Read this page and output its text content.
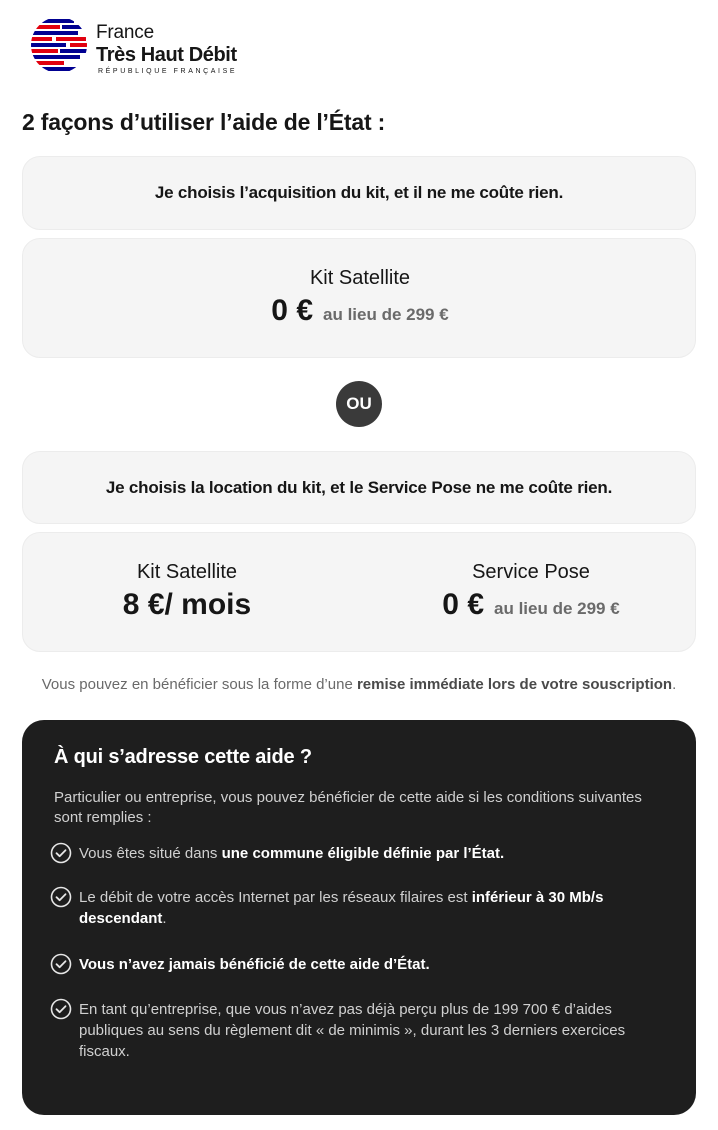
France
Très Haut Débit
RÉPUBLIQUE FRANÇAISE
2 façons d’utiliser l’aide de l’État :
Je choisis l’acquisition du kit, et il ne me coûte rien.
Kit Satellite
0 € au lieu de 299 €
OU
Je choisis la location du kit, et le Service Pose ne me coûte rien.
Kit Satellite
8 €/ mois
Service Pose
0 € au lieu de 299 €

Vous pouvez en bénéficier sous la forme d’une remise immédiate lors de votre souscription.

À qui s’adresse cette aide ?

Particulier ou entreprise, vous pouvez bénéficier de cette aide si les conditions suivantes sont remplies :

Vous êtes situé dans une commune éligible définie par l’État.
Le débit de votre accès Internet par les réseaux filaires est inférieur à 30 Mb/s descendant.
Vous n’avez jamais bénéficié de cette aide d’État.
En tant qu’entreprise, que vous n’avez pas déjà perçu plus de 199 700 € d’aides publiques au sens du règlement dit « de minimis », durant les 3 derniers exercices fiscaux.
